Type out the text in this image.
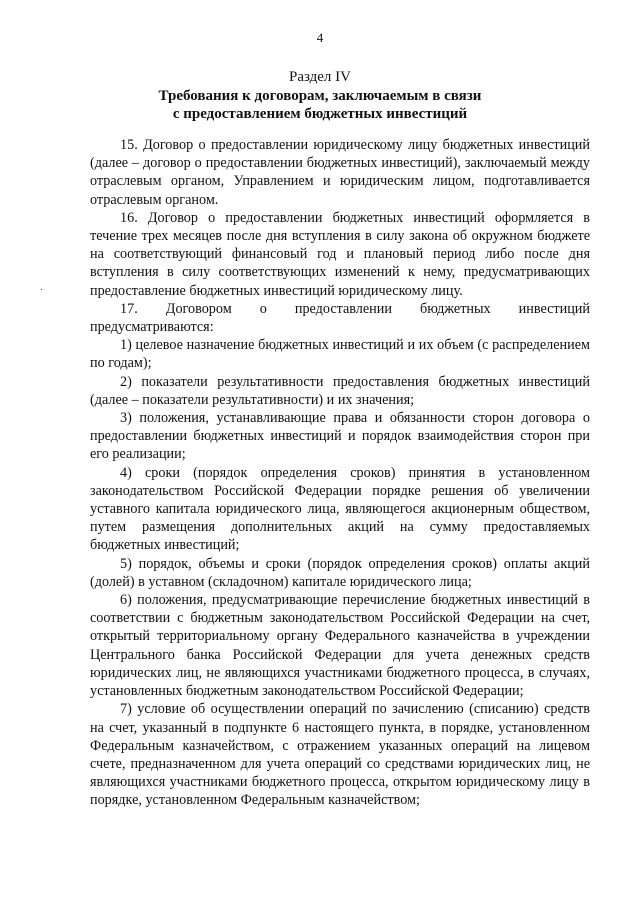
4
Раздел IV
Требования к договорам, заключаемым в связи
с предоставлением бюджетных инвестиций
·

15. Договор о предоставлении юридическому лицу бюджетных инвестиций (далее – договор о предоставлении бюджетных инвестиций), заключаемый между отраслевым органом, Управлением и юридическим лицом, подготавливается отраслевым органом.

16. Договор о предоставлении бюджетных инвестиций оформляется в течение трех месяцев после дня вступления в силу закона об окружном бюджете на соответствующий финансовый год и плановый период либо после дня вступления в силу соответствующих изменений к нему, предусматривающих предоставление бюджетных инвестиций юридическому лицу.

17. Договором о предоставлении бюджетных инвестиций предусматриваются:

1) целевое назначение бюджетных инвестиций и их объем (с распределением по годам);

2) показатели результативности предоставления бюджетных инвестиций (далее – показатели результативности) и их значения;

3) положения, устанавливающие права и обязанности сторон договора о предоставлении бюджетных инвестиций и порядок взаимодействия сторон при его реализации;

4) сроки (порядок определения сроков) принятия в установленном законодательством Российской Федерации порядке решения об увеличении уставного капитала юридического лица, являющегося акционерным обществом, путем размещения дополнительных акций на сумму предоставляемых бюджетных инвестиций;

5) порядок, объемы и сроки (порядок определения сроков) оплаты акций (долей) в уставном (складочном) капитале юридического лица;

6) положения, предусматривающие перечисление бюджетных инвестиций в соответствии с бюджетным законодательством Российской Федерации на счет, открытый территориальному органу Федерального казначейства в учреждении Центрального банка Российской Федерации для учета денежных средств юридических лиц, не являющихся участниками бюджетного процесса, в случаях, установленных бюджетным законодательством Российской Федерации;

7) условие об осуществлении операций по зачислению (списанию) средств на счет, указанный в подпункте 6 настоящего пункта, в порядке, установленном Федеральным казначейством, с отражением указанных операций на лицевом счете, предназначенном для учета операций со средствами юридических лиц, не являющихся участниками бюджетного процесса, открытом юридическому лицу в порядке, установленном Федеральным казначейством;
